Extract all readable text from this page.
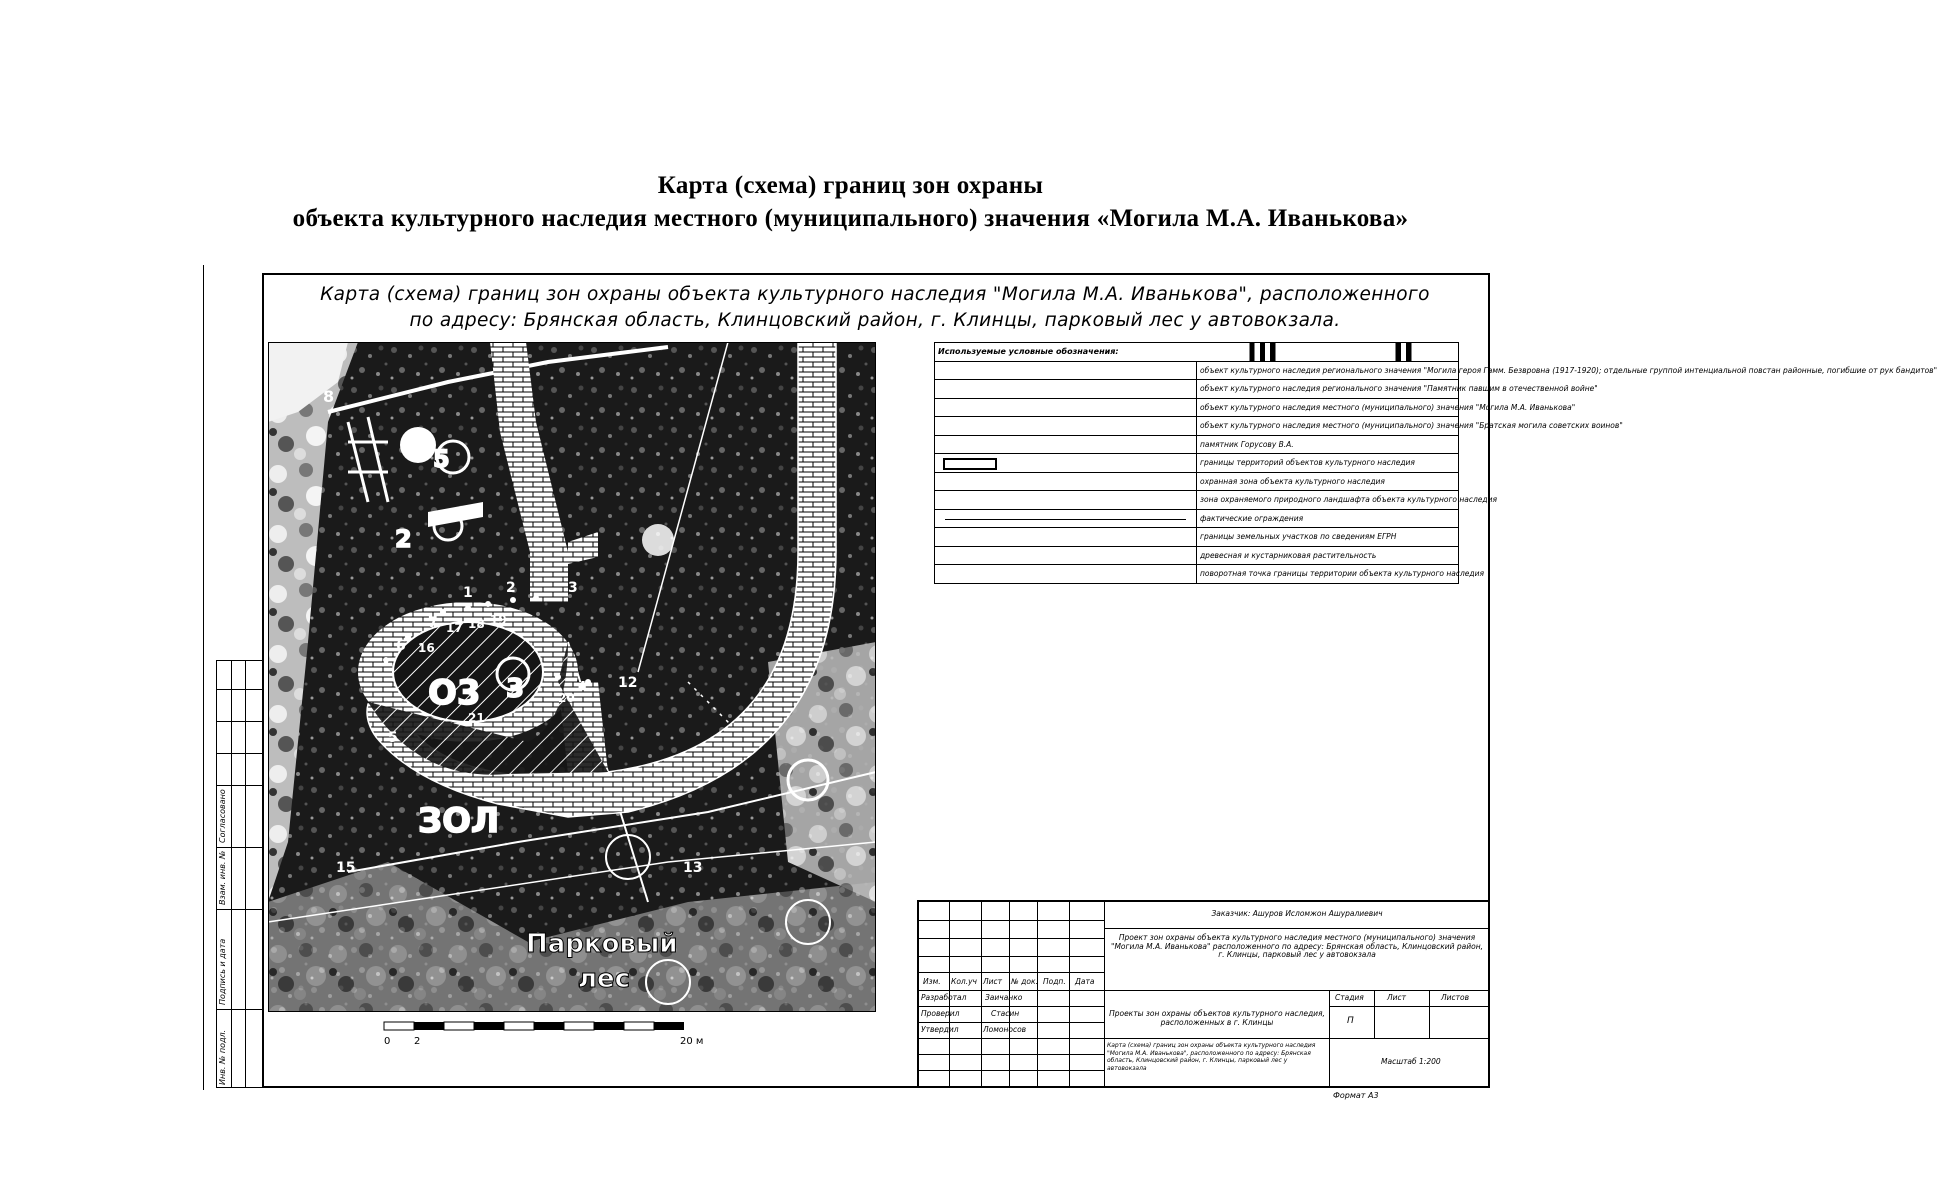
Карта (схема) границ зон охраны
объекта культурного наследия местного (муниципального) значения «Могила М.А. Иванькова»
Карта (схема) границ зон охраны объекта культурного наследия "Могила М.А. Иванькова", расположенного
по адресу: Брянская область, Клинцовский район, г. Клинцы, парковый лес у автовокзала.
Согласовано
Взам. инв. №
Подпись и дата
Инв. № подл.
8
5
2
1 2	3
7
6
17 18 19
16
3
О3
21
20
4 12
5
ЗОЛ
13
15
Парковый
лес
0 2	20 м
Используемые условные обозначения:	
	объект культурного наследия регионального значения "Могила героя Гамм. Безвровна (1917-1920); отдельные группой интенциальной повстан районные, погибшие от рук бандитов"
	объект культурного наследия регионального значения "Памятник павшим в отечественной войне"
	объект культурного наследия местного (муниципального) значения "Могила М.А. Иванькова"
	объект культурного наследия местного (муниципального) значения "Братская могила советских воинов"
	памятник Горусову В.А.

	границы территорий объектов культурного наследия
	охранная зона объекта культурного наследия
	зона охраняемого природного ландшафта объекта культурного наследия

	фактические ограждения
	границы земельных участков по сведениям ЕГРН
	древесная и кустарниковая растительность
	поворотная точка границы территории объекта культурного наследия
Изм. Кол.уч Лист № док. Подп. Дата
Разработал Заичанко
Проверил	Стасин
Утвердил	Ломоносов
Заказчик: Ашуров Исломжон Ашуралиевич
Проект зон охраны объекта культурного наследия местного (муниципального) значения "Могила М.А. Иванькова" расположенного по адресу: Брянская область, Клинцовский район, г. Клинцы, парковый лес у автовокзала
Проекты зон охраны объектов культурного наследия, расположенных в г. Клинцы
Стадия	Лист	Листов
П
Карта (схема) границ зон охраны объекта культурного наследия "Могила М.А. Иванькова", расположенного по адресу: Брянская область, Клинцовский район, г. Клинцы, парковый лес у автовокзала
Масштаб 1:200
Формат А3
